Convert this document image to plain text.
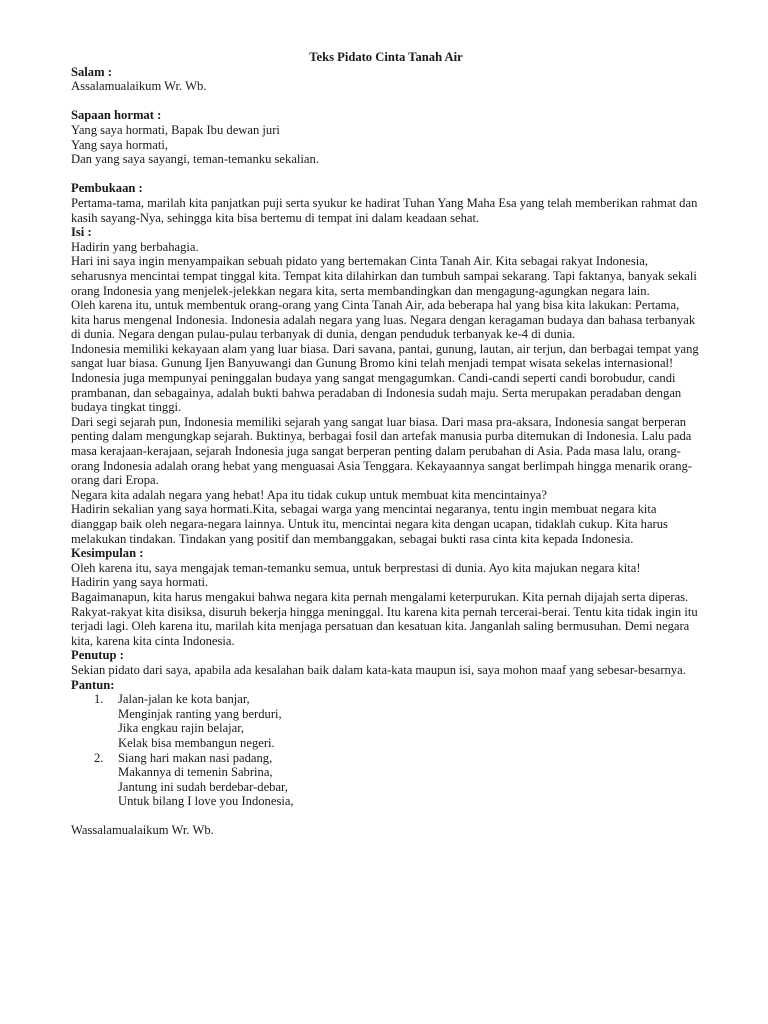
Teks Pidato Cinta Tanah Air
Salam :

Assalamualaikum Wr. Wb.

Sapaan hormat :

Yang saya hormati, Bapak Ibu dewan juri

Yang saya hormati,

Dan yang saya sayangi, teman-temanku sekalian.

Pembukaan :

Pertama-tama, marilah kita panjatkan puji serta syukur ke hadirat Tuhan Yang Maha Esa yang telah memberikan rahmat dan kasih sayang-Nya, sehingga kita bisa bertemu di tempat ini dalam keadaan sehat.

Isi :

Hadirin yang berbahagia.

Hari ini saya ingin menyampaikan sebuah pidato yang bertemakan Cinta Tanah Air. Kita sebagai rakyat Indonesia, seharusnya mencintai tempat tinggal kita. Tempat kita dilahirkan dan tumbuh sampai sekarang. Tapi faktanya, banyak sekali orang Indonesia yang menjelek-jelekkan negara kita, serta membandingkan dan mengagung-agungkan negara lain.

Oleh karena itu, untuk membentuk orang-orang yang Cinta Tanah Air, ada beberapa hal yang bisa kita lakukan: Pertama, kita harus mengenal Indonesia. Indonesia adalah negara yang luas. Negara dengan keragaman budaya dan bahasa terbanyak di dunia. Negara dengan pulau-pulau terbanyak di dunia, dengan penduduk terbanyak ke-4 di dunia.

Indonesia memiliki kekayaan alam yang luar biasa. Dari savana, pantai, gunung, lautan, air terjun, dan berbagai tempat yang sangat luar biasa. Gunung Ijen Banyuwangi dan Gunung Bromo kini telah menjadi tempat wisata sekelas internasional! Indonesia juga mempunyai peninggalan budaya yang sangat mengagumkan. Candi-candi seperti candi borobudur, candi prambanan, dan sebagainya, adalah bukti bahwa peradaban di Indonesia sudah maju. Serta merupakan peradaban dengan budaya tingkat tinggi.

Dari segi sejarah pun, Indonesia memiliki sejarah yang sangat luar biasa. Dari masa pra-aksara, Indonesia sangat berperan penting dalam mengungkap sejarah. Buktinya, berbagai fosil dan artefak manusia purba ditemukan di Indonesia. Lalu pada masa kerajaan-kerajaan, sejarah Indonesia juga sangat berperan penting dalam perubahan di Asia. Pada masa lalu, orang-orang Indonesia adalah orang hebat yang menguasai Asia Tenggara. Kekayaannya sangat berlimpah hingga menarik orang-orang dari Eropa.

Negara kita adalah negara yang hebat! Apa itu tidak cukup untuk membuat kita mencintainya?

Hadirin sekalian yang saya hormati.Kita, sebagai warga yang mencintai negaranya, tentu ingin membuat negara kita dianggap baik oleh negara-negara lainnya. Untuk itu, mencintai negara kita dengan ucapan, tidaklah cukup. Kita harus melakukan tindakan. Tindakan yang positif dan membanggakan, sebagai bukti rasa cinta kita kepada Indonesia.

Kesimpulan :

Oleh karena itu, saya mengajak teman-temanku semua, untuk berprestasi di dunia. Ayo kita majukan negara kita!

Hadirin yang saya hormati.

Bagaimanapun, kita harus mengakui bahwa negara kita pernah mengalami keterpurukan. Kita pernah dijajah serta diperas. Rakyat-rakyat kita disiksa, disuruh bekerja hingga meninggal. Itu karena kita pernah tercerai-berai. Tentu kita tidak ingin itu terjadi lagi. Oleh karena itu, marilah kita menjaga persatuan dan kesatuan kita. Janganlah saling bermusuhan. Demi negara kita, karena kita cinta Indonesia.

Penutup :

Sekian pidato dari saya, apabila ada kesalahan baik dalam kata-kata maupun isi, saya mohon maaf yang sebesar-besarnya.

Pantun:
1. Jalan-jalan ke kota banjar,
Menginjak ranting yang berduri,
Jika engkau rajin belajar,
Kelak bisa membangun negeri.
2. Siang hari makan nasi padang,
Makannya di temenin Sabrina,
Jantung ini sudah berdebar-debar,
Untuk bilang I love you Indonesia,

Wassalamualaikum Wr. Wb.
